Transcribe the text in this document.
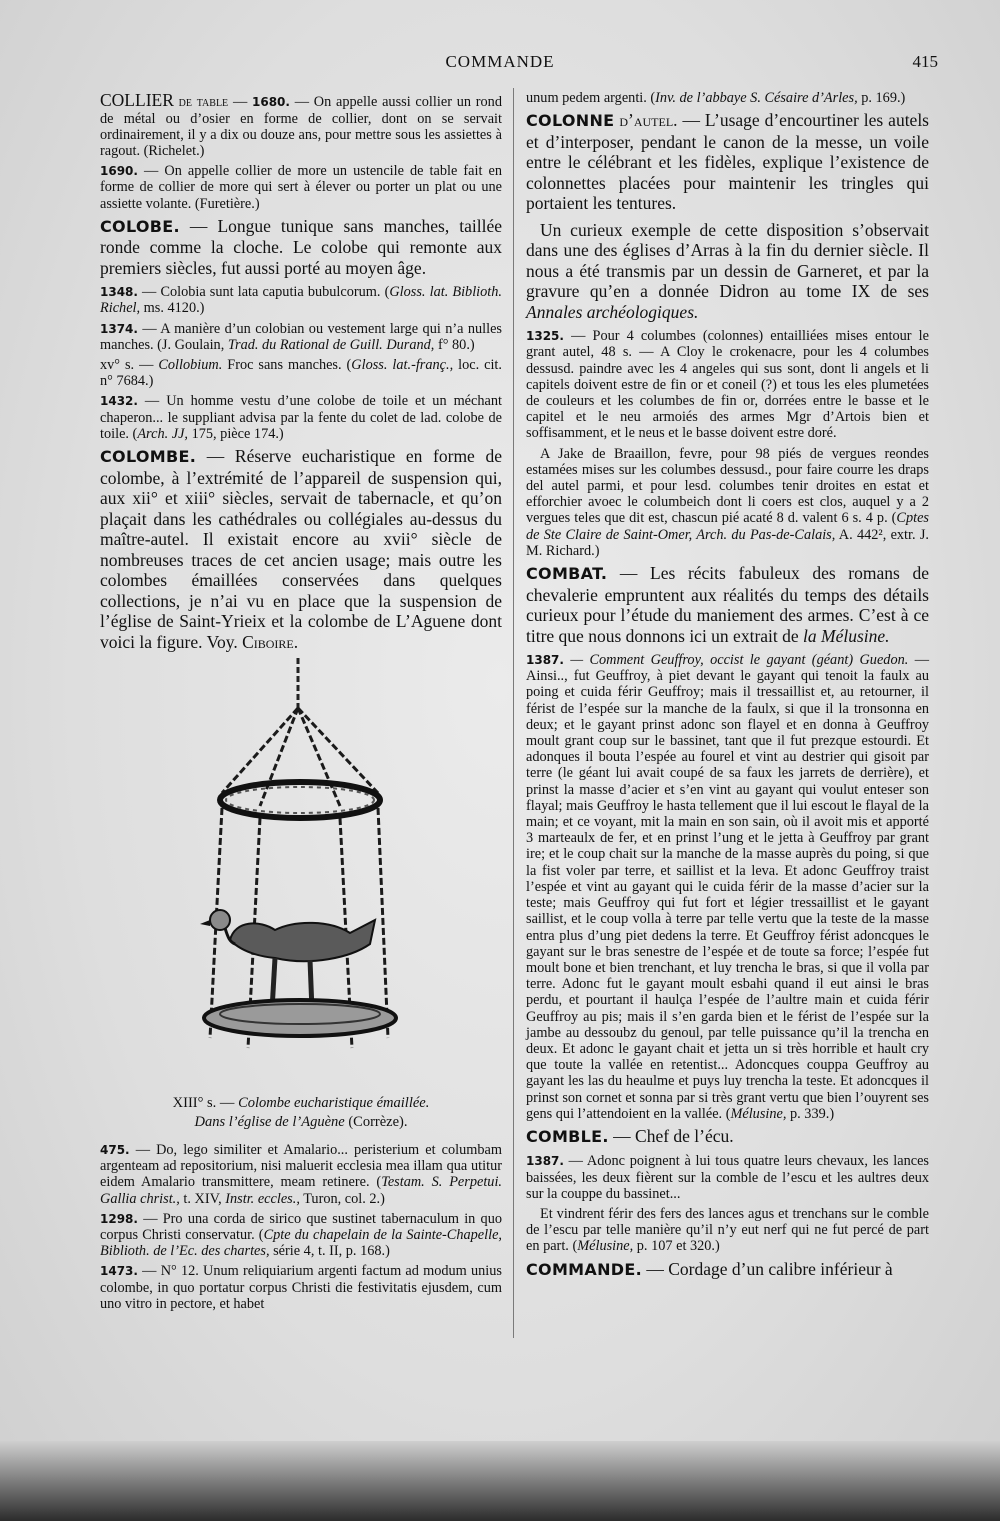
COMMANDE	415

COLLIER de table — 1680. — On appelle aussi collier un rond de métal ou d’osier en forme de collier, dont on se servait ordinairement, il y a dix ou douze ans, pour mettre sous les assiettes à ragout. (Richelet.)

1690. — On appelle collier de more un ustencile de table fait en forme de collier de more qui sert à élever ou porter un plat ou une assiette volante. (Furetière.)

COLOBE. — Longue tunique sans manches, taillée ronde comme la cloche. Le colobe qui remonte aux premiers siècles, fut aussi porté au moyen âge.

1348. — Colobia sunt lata caputia bubulcorum. (Gloss. lat. Biblioth. Richel, ms. 4120.)

1374. — A manière d’un colobian ou vestement large qui n’a nulles manches. (J. Goulain, Trad. du Rational de Guill. Durand, f° 80.)

xv° s. — Collobium. Froc sans manches. (Gloss. lat.-franç., loc. cit. n° 7684.)

1432. — Un homme vestu d’une colobe de toile et un méchant chaperon... le suppliant advisa par la fente du colet de lad. colobe de toile. (Arch. JJ, 175, pièce 174.)

COLOMBE. — Réserve eucharistique en forme de colombe, à l’extrémité de l’appareil de suspension qui, aux xii° et xiii° siècles, servait de tabernacle, et qu’on plaçait dans les cathédrales ou collégiales au-dessus du maître-autel. Il existait encore au xvii° siècle de nombreuses traces de cet ancien usage; mais outre les colombes émaillées conservées dans quelques collections, je n’ai vu en place que la suspension de l’église de Saint-Yrieix et la colombe de L’Aguene dont voici la figure. Voy. Ciboire.

XIII° s. — Colombe eucharistique émaillée.
Dans l’église de l’Aguène (Corrèze).

475. — Do, lego similiter et Amalario... peristerium et columbam argenteam ad repositorium, nisi maluerit ecclesia mea illam qua utitur eidem Amalario transmittere, meam retinere. (Testam. S. Perpetui. Gallia christ., t. XIV, Instr. eccles., Turon, col. 2.)

1298. — Pro una corda de sirico que sustinet tabernaculum in quo corpus Christi conservatur. (Cpte du chapelain de la Sainte-Chapelle, Biblioth. de l’Ec. des chartes, série 4, t. II, p. 168.)

1473. — N° 12. Unum reliquiarium argenti factum ad modum unius colombe, in quo portatur corpus Christi die festivitatis ejusdem, cum uno vitro in pectore, et habet

unum pedem argenti. (Inv. de l’abbaye S. Césaire d’Arles, p. 169.)

COLONNE d’autel. — L’usage d’encourtiner les autels et d’interposer, pendant le canon de la messe, un voile entre le célébrant et les fidèles, explique l’existence de colonnettes placées pour maintenir les tringles qui portaient les tentures.

Un curieux exemple de cette disposition s’observait dans une des églises d’Arras à la fin du dernier siècle. Il nous a été transmis par un dessin de Garneret, et par la gravure qu’en a donnée Didron au tome IX de ses Annales archéologiques.

1325. — Pour 4 columbes (colonnes) entailliées mises entour le grant autel, 48 s. — A Cloy le crokenacre, pour les 4 columbes dessusd. paindre avec les 4 angeles qui sus sont, dont li angels et li capitels doivent estre de fin or et coneil (?) et tous les eles plumetées de couleurs et les columbes de fin or, dorrées entre le basse et le capitel et le neu armoiés des armes Mgr d’Artois bien et soffisamment, et le neus et le basse doivent estre doré.

A Jake de Braaillon, fevre, pour 98 piés de vergues reondes estamées mises sur les columbes dessusd., pour faire courre les draps del autel parmi, et pour lesd. columbes tenir droites en estat et efforchier avoec le columbeich dont li coers est clos, auquel y a 2 vergues teles que dit est, chascun pié acaté 8 d. valent 6 s. 4 p. (Cptes de Ste Claire de Saint-Omer, Arch. du Pas-de-Calais, A. 442², extr. J. M. Richard.)

COMBAT. — Les récits fabuleux des romans de chevalerie empruntent aux réalités du temps des détails curieux pour l’étude du maniement des armes. C’est à ce titre que nous donnons ici un extrait de la Mélusine.

1387. — Comment Geuffroy, occist le gayant (géant) Guedon. — Ainsi.., fut Geuffroy, à piet devant le gayant qui tenoit la faulx au poing et cuida férir Geuffroy; mais il tressaillist et, au retourner, il férist de l’espée sur la manche de la faulx, si que il la tronsonna en deux; et le gayant prinst adonc son flayel et en donna à Geuffroy moult grant coup sur le bassinet, tant que il fut prezque estourdi. Et adonques il bouta l’espée au fourel et vint au destrier qui gisoit par terre (le géant lui avait coupé de sa faux les jarrets de derrière), et prinst la masse d’acier et s’en vint au gayant qui voulut enteser son flayal; mais Geuffroy le hasta tellement que il lui escout le flayal de la main; et ce voyant, mit la main en son sain, où il avoit mis et apporté 3 marteaulx de fer, et en prinst l’ung et le jetta à Geuffroy par grant ire; et le coup chait sur la manche de la masse auprès du poing, si que la fist voler par terre, et saillist et la leva. Et adonc Geuffroy traist l’espée et vint au gayant qui le cuida férir de la masse d’acier sur la teste; mais Geuffroy qui fut fort et légier tressaillist et le gayant saillist, et le coup volla à terre par telle vertu que la teste de la masse entra plus d’ung piet dedens la terre. Et Geuffroy férist adoncques le gayant sur le bras senestre de l’espée et de toute sa force; l’espée fut moult bone et bien trenchant, et luy trencha le bras, si que il volla par terre. Adonc fut le gayant moult esbahi quand il eut ainsi le bras perdu, et pourtant il haulça l’espée de l’aultre main et cuida férir Geuffroy au pis; mais il s’en garda bien et le férist de l’espée sur la jambe au dessoubz du genoul, par telle puissance qu’il la trencha en deux. Et adonc le gayant chait et jetta un si très horrible et hault cry que toute la vallée en retentist... Adoncques couppa Geuffroy au gayant les las du heaulme et puys luy trencha la teste. Et adoncques il prinst son cornet et sonna par si très grant vertu que bien l’ouyrent ses gens qui l’attendoient en la vallée. (Mélusine, p. 339.)

COMBLE. — Chef de l’écu.

1387. — Adonc poignent à lui tous quatre leurs chevaux, les lances baissées, les deux fièrent sur la comble de l’escu et les aultres deux sur la couppe du bassinet...

Et vindrent férir des fers des lances agus et trenchans sur le comble de l’escu par telle manière qu’il n’y eut nerf qui ne fut percé de part en part. (Mélusine, p. 107 et 320.)

COMMANDE. — Cordage d’un calibre inférieur à
